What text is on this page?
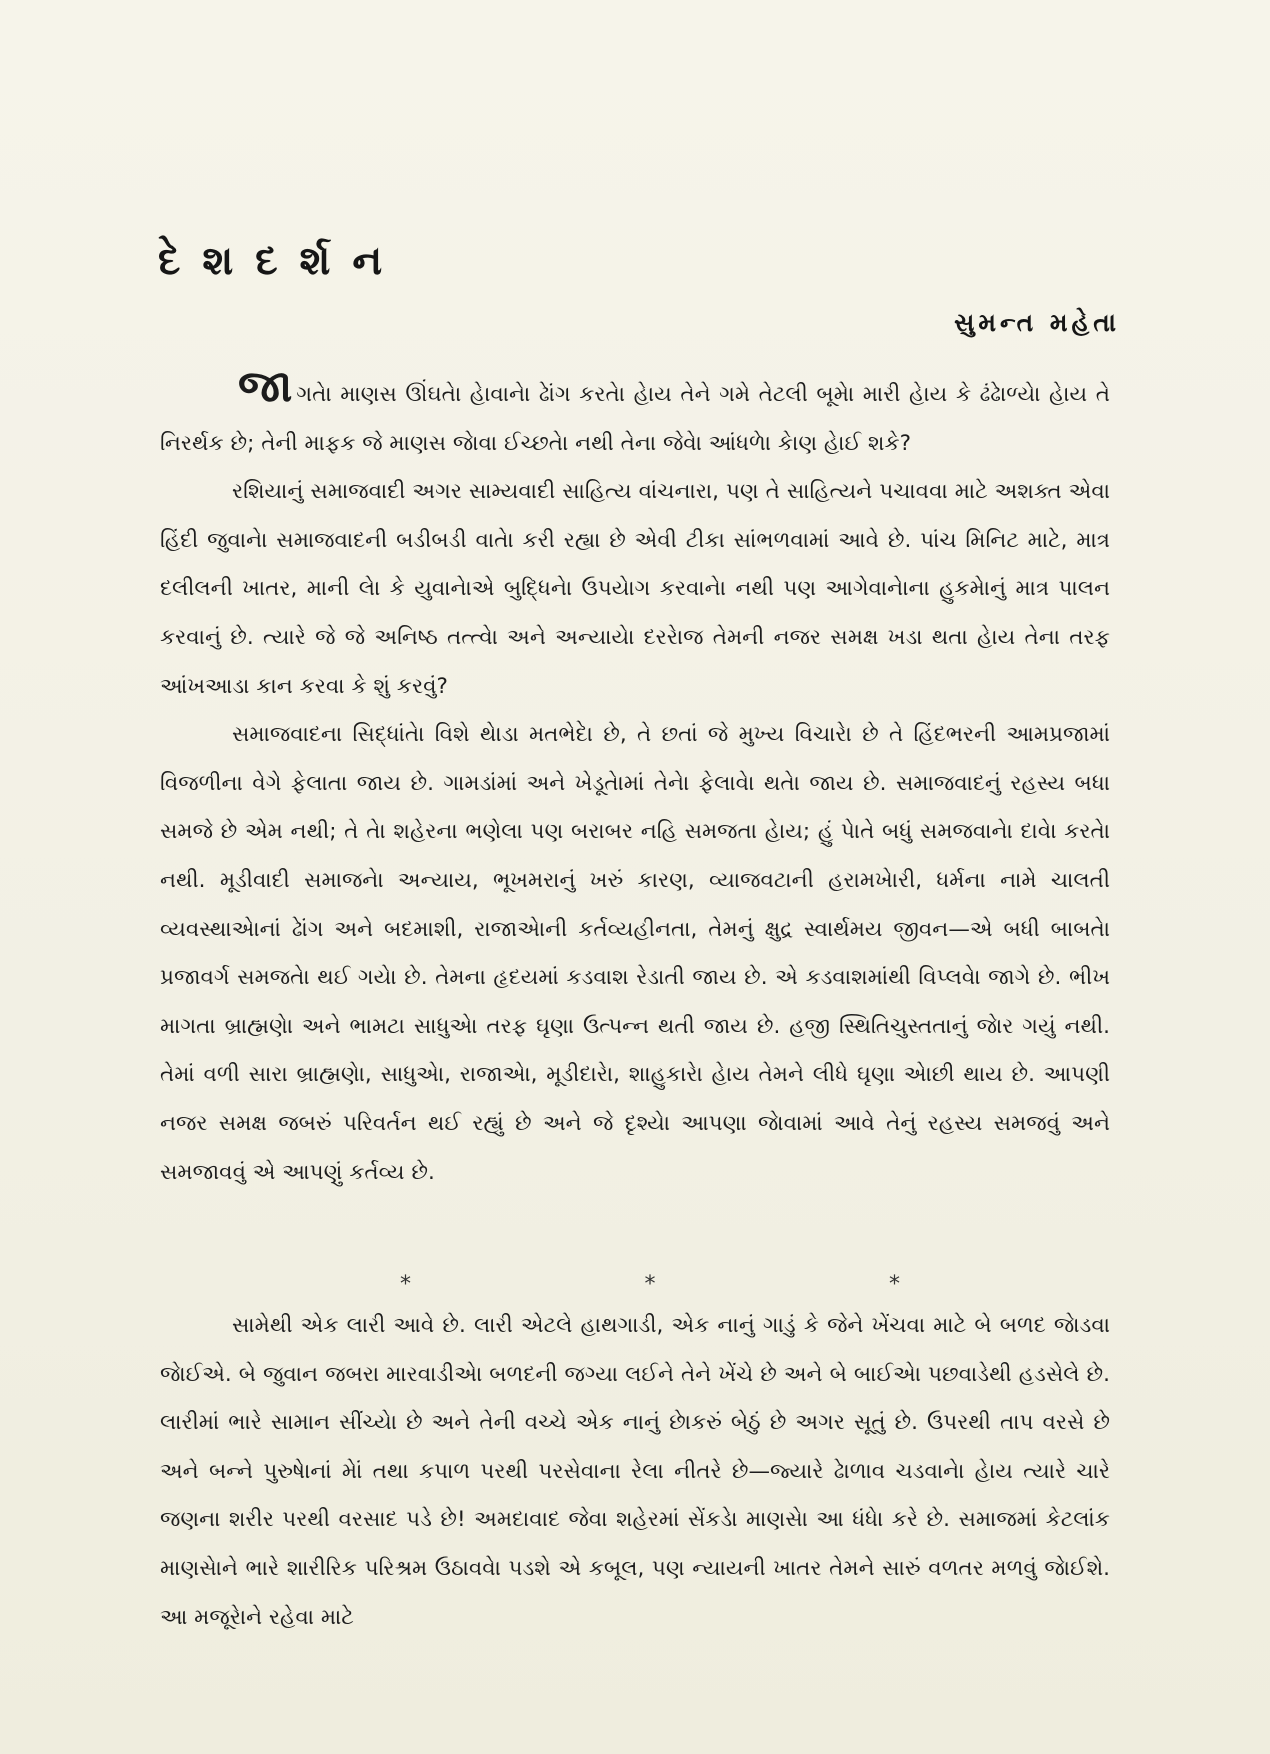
દેશદર્શન
સુમન્ત મહેતા

જાગતેા માણસ ઊંઘતેા હેાવાનેા ઢેાંગ કરતેા હેાય તેને ગમે તેટલી બૂમેા મારી હેાય કે ઢંઢેાળ્યેા હેાય તે નિરર્થક છે; તેની માફક જે માણસ જેાવા ઈચ્છતેા નથી તેના જેવેા આંધળેા કેાણ હેાઈ શકે?

રશિયાનું સમાજવાદી અગર સામ્યવાદી સાહિત્ય વાંચનારા, પણ તે સાહિત્યને પચાવવા માટે અશક્ત એવા હિંદી જુવાનેા સમાજવાદની બડીબડી વાતેા કરી રહ્યા છે એવી ટીકા સાંભળવામાં આવે છે. પાંચ મિનિટ માટે, માત્ર દલીલની ખાતર, માની લેા કે યુવાનેાએ બુદ્ધિનેા ઉપયેાગ કરવાનેા નથી પણ આગેવાનેાના હુકમેાનું માત્ર પાલન કરવાનું છે. ત્યારે જે જે અનિષ્ઠ તત્ત્વેા અને અન્યાયેા દરરેાજ તેમની નજર સમક્ષ ખડા થતા હેાય તેના તરફ આંખઆડા કાન કરવા કે શું કરવું?

સમાજવાદના સિદ્ધાંતેા વિશે થેાડા મતભેદેા છે, તે છતાં જે મુખ્ય વિચારેા છે તે હિંદભરની આમપ્રજામાં વિજળીના વેગે ફેલાતા જાય છે. ગામડાંમાં અને ખેડૂતેામાં તેનેા ફેલાવેા થતેા જાય છે. સમાજવાદનું રહસ્ય બધા સમજે છે એમ નથી; તે તેા શહેરના ભણેલા પણ બરાબર નહિ સમજતા હેાય; હું પેાતે બધું સમજવાનેા દાવેા કરતેા નથી. મૂડીવાદી સમાજનેા અન્યાય, ભૂખમરાનું ખરું કારણ, વ્યાજવટાની હરામખેારી, ધર્મના નામે ચાલતી વ્યવસ્થાએાનાં ઢેાંગ અને બદમાશી, રાજાએાની કર્તવ્યહીનતા, તેમનું ક્ષુદ્ર સ્વાર્થમય જીવન—એ બધી બાબતેા પ્રજાવર્ગ સમજતેા થઈ ગયેા છે. તેમના હૃદયમાં કડવાશ રેડાતી જાય છે. એ કડવાશમાંથી વિપ્લવેા જાગે છે. ભીખ માગતા બ્રાહ્મણેા અને ભામટા સાધુએા તરફ ઘૃણા ઉત્પન્ન થતી જાય છે. હજી સ્થિતિચુસ્તતાનું જેાર ગયું નથી. તેમાં વળી સારા બ્રાહ્મણેા, સાધુએા, રાજાએા, મૂડીદારેા, શાહુકારેા હેાય તેમને લીધે ઘૃણા એાછી થાય છે. આપણી નજર સમક્ષ જબરું પરિવર્તન થઈ રહ્યું છે અને જે દૃશ્યેા આપણા જેાવામાં આવે તેનું રહસ્ય સમજવું અને સમજાવવું એ આપણું કર્તવ્ય છે.

*	*	*

સામેથી એક લારી આવે છે. લારી એટલે હાથગાડી, એક નાનું ગાડું કે જેને ખેંચવા માટે બે બળદ જેાડવા જેાઈએ. બે જુવાન જબરા મારવાડીએા બળદની જગ્યા લઈને તેને ખેંચે છે અને બે બાઈએા પછવાડેથી હડસેલે છે. લારીમાં ભારે સામાન સીંચ્યેા છે અને તેની વચ્ચે એક નાનું છેાકરું બેઠું છે અગર સૂતું છે. ઉપરથી તાપ વરસે છે અને બન્ને પુરુષેાનાં મેાં તથા કપાળ પરથી પરસેવાના રેલા નીતરે છે—જ્યારે ઢેાળાવ ચડવાનેા હેાય ત્યારે ચારે જણના શરીર પરથી વરસાદ પડે છે! અમદાવાદ જેવા શહેરમાં સેંકડેા માણસેા આ ધંધેા કરે છે. સમાજમાં કેટલાંક માણસેાને ભારે શારીરિક પરિશ્રમ ઉઠાવવેા પડશે એ કબૂલ, પણ ન્યાયની ખાતર તેમને સારું વળતર મળવું જેાઈશે. આ મજૂરેાને રહેવા માટે
